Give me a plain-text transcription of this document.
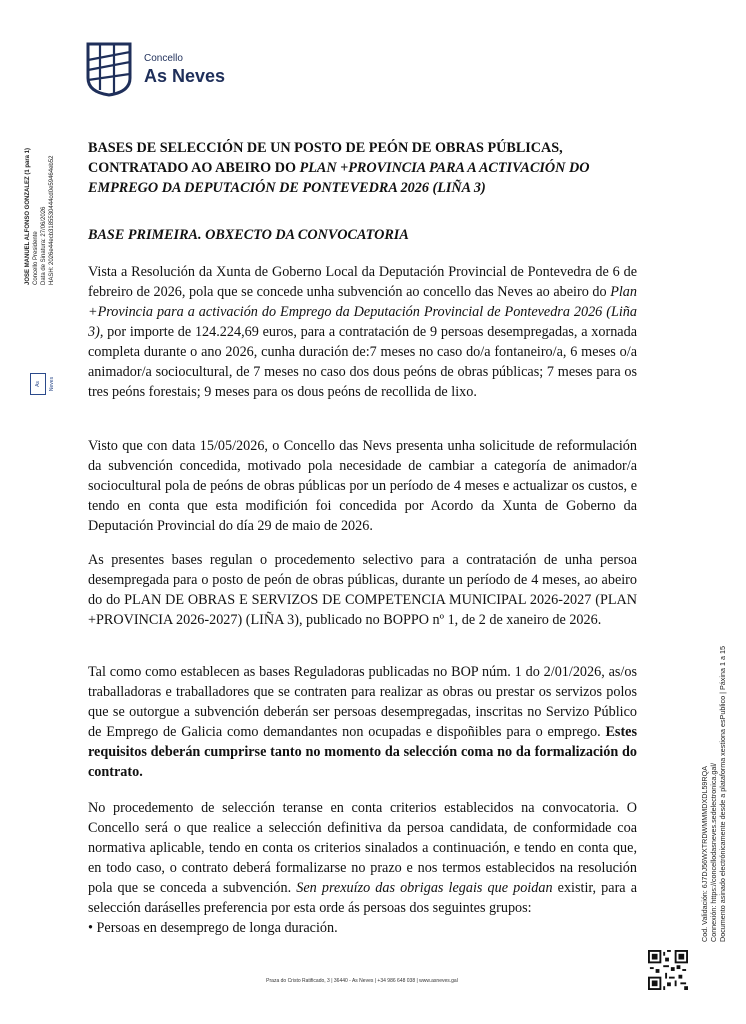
Concello
As Neves
BASES DE SELECCIÓN DE UN POSTO DE PEÓN DE OBRAS PÚBLICAS,
CONTRATADO AO ABEIRO DO PLAN +PROVINCIA PARA A ACTIVACIÓN DO
EMPREGO DA DEPUTACIÓN DE PONTEVEDRA 2026 (LIÑA 3)
BASE PRIMEIRA. OBXECTO DA CONVOCATORIA

Vista a Resolución da Xunta de Goberno Local da Deputación Provincial de Pontevedra de 6 de febreiro de 2026, pola que se concede unha subvención ao concello das Neves ao abeiro do Plan +Provincia para a activación do Emprego da Deputación Provincial de Pontevedra 2026 (Liña 3), por importe de 124.224,69 euros, para a contratación de 9 persoas desempregadas, a xornada completa durante o ano 2026, cunha duración de:7 meses no caso do/a fontaneiro/a, 6 meses o/a animador/a sociocultural, de 7 meses no caso dos dous peóns de obras públicas; 7 meses para os tres peóns forestais; 9 meses para os dous peóns de recollida de lixo.

Visto que con data 15/05/2026, o Concello das Nevs presenta unha solicitude de reformulación da subvención concedida, motivado pola necesidade de cambiar a categoría de animador/a sociocultural pola de peóns de obras públicas por un período de 4 meses e actualizar os custos, e tendo en conta que esta modifición foi concedida por Acordo da Xunta de Goberno da Deputación Provincial do día 29 de maio de 2026.

As presentes bases regulan o procedemento selectivo para a contratación de unha persoa desempregada para o posto de peón de obras públicas, durante un período de 4 meses, ao abeiro do do PLAN DE OBRAS E SERVIZOS DE COMPETENCIA MUNICIPAL 2026-2027 (PLAN +PROVINCIA 2026-2027) (LIÑA 3), publicado no BOPPO nº 1, de 2 de xaneiro de 2026.

Tal como como establecen as bases Reguladoras publicadas no BOP núm. 1 do 2/01/2026, as/os traballadoras e traballadores que se contraten para realizar as obras ou prestar os servizos polos que se outorgue a subvención deberán ser persoas desempregadas, inscritas no Servizo Público de Emprego de Galicia como demandantes non ocupadas e dispoñibles para o emprego. Estes requisitos deberán cumprirse tanto no momento da selección coma no da formalización do contrato.

No procedemento de selección teranse en conta criterios establecidos na convocatoria. O Concello será o que realice a selección definitiva da persoa candidata, de conformidade coa normativa aplicable, tendo en conta os criterios sinalados a continuación, e tendo en conta que, en todo caso, o contrato deberá formalizarse no prazo e nos termos establecidos na resolución pola que se conceda a subvención. Sen prexuízo das obrigas legais que poidan existir, para a selección daráselles preferencia por esta orde ás persoas dos seguintes grupos:

• Persoas en desemprego de longa duración.

As Neves
JOSE MANUEL ALFONSO GONZALEZ (1 para 1) Concello Presidente Data de Sinatura: 27/06/2026 HASH: 2026e44ecb3185530444cd0e59464eb52
Cod. Validación: 6J7DJ56WXTRDWMMMDXDL59RQA Connexión: https://concellodasneves.sedelectronica.gal/ Documento asinado electrónicamente desde a plataforma xestiona esPublico | Páxina 1 a 15
Praza do Cristo Ratificado, 3 | 36440 - As Neves | +34 986 648 038 | www.asneves.gal
